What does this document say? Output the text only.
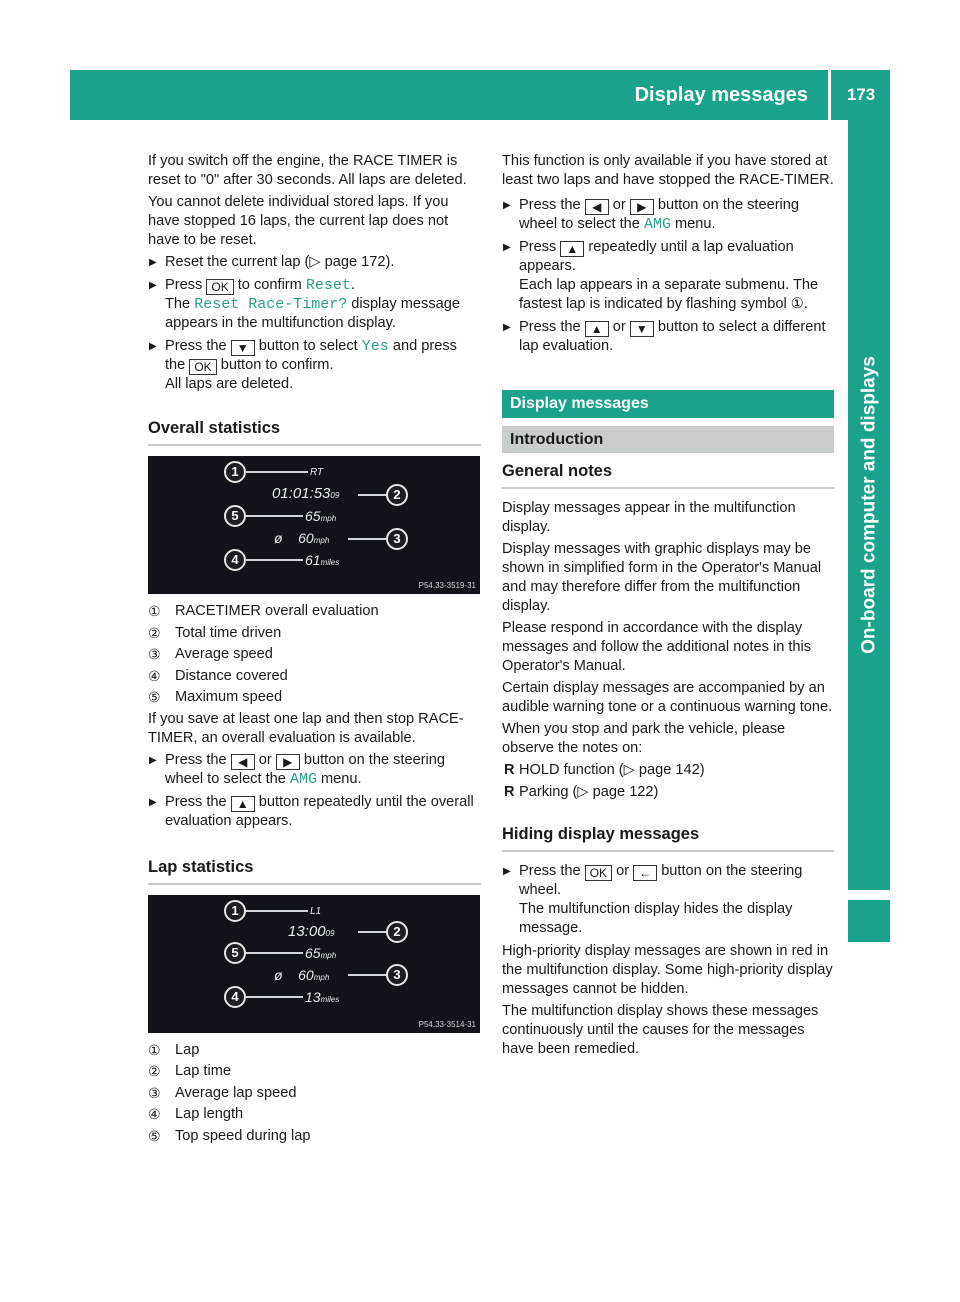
Display messages	173
On-board computer and displays

If you switch off the engine, the RACE TIMER is reset to "0" after 30 seconds. All laps are deleted.

You cannot delete individual stored laps. If you have stopped 16 laps, the current lap does not have to be reset.

▶ Reset the current lap (▷ page 172).
▶ Press OK to confirm Reset.
The Reset Race-Timer? display message appears in the multifunction display.
▶ Press the ▼ button to select Yes and press the OK button to confirm.
All laps are deleted.
Overall statistics
1
2
5
3
4
RT
01:01:5309
65mph
ø 60mph
61miles
P54.33-3519-31
① RACETIMER overall evaluation
② Total time driven
③ Average speed
④ Distance covered
⑤ Maximum speed

If you save at least one lap and then stop RACE-TIMER, an overall evaluation is available.

▶ Press the ◀ or ▶ button on the steering wheel to select the AMG menu.
▶ Press the ▲ button repeatedly until the overall evaluation appears.
Lap statistics
1
2
5
3
4
L1
13:0009
65mph
ø 60mph
13miles
P54.33-3514-31
① Lap
② Lap time
③ Average lap speed
④ Lap length
⑤ Top speed during lap

This function is only available if you have stored at least two laps and have stopped the RACE-TIMER.

▶ Press the ◀ or ▶ button on the steering wheel to select the AMG menu.
▶ Press ▲ repeatedly until a lap evaluation appears.
Each lap appears in a separate submenu. The fastest lap is indicated by flashing symbol ①.
▶ Press the ▲ or ▼ button to select a different lap evaluation.
Display messages
Introduction
General notes

Display messages appear in the multifunction display.

Display messages with graphic displays may be shown in simplified form in the Operator's Manual and may therefore differ from the multifunction display.

Please respond in accordance with the display messages and follow the additional notes in this Operator's Manual.

Certain display messages are accompanied by an audible warning tone or a continuous warning tone.

When you stop and park the vehicle, please observe the notes on:

R HOLD function (▷ page 142)
R Parking (▷ page 122)
Hiding display messages
▶ Press the OK or ← button on the steering wheel.
The multifunction display hides the display message.

High-priority display messages are shown in red in the multifunction display. Some high-priority display messages cannot be hidden.

The multifunction display shows these messages continuously until the causes for the messages have been remedied.
